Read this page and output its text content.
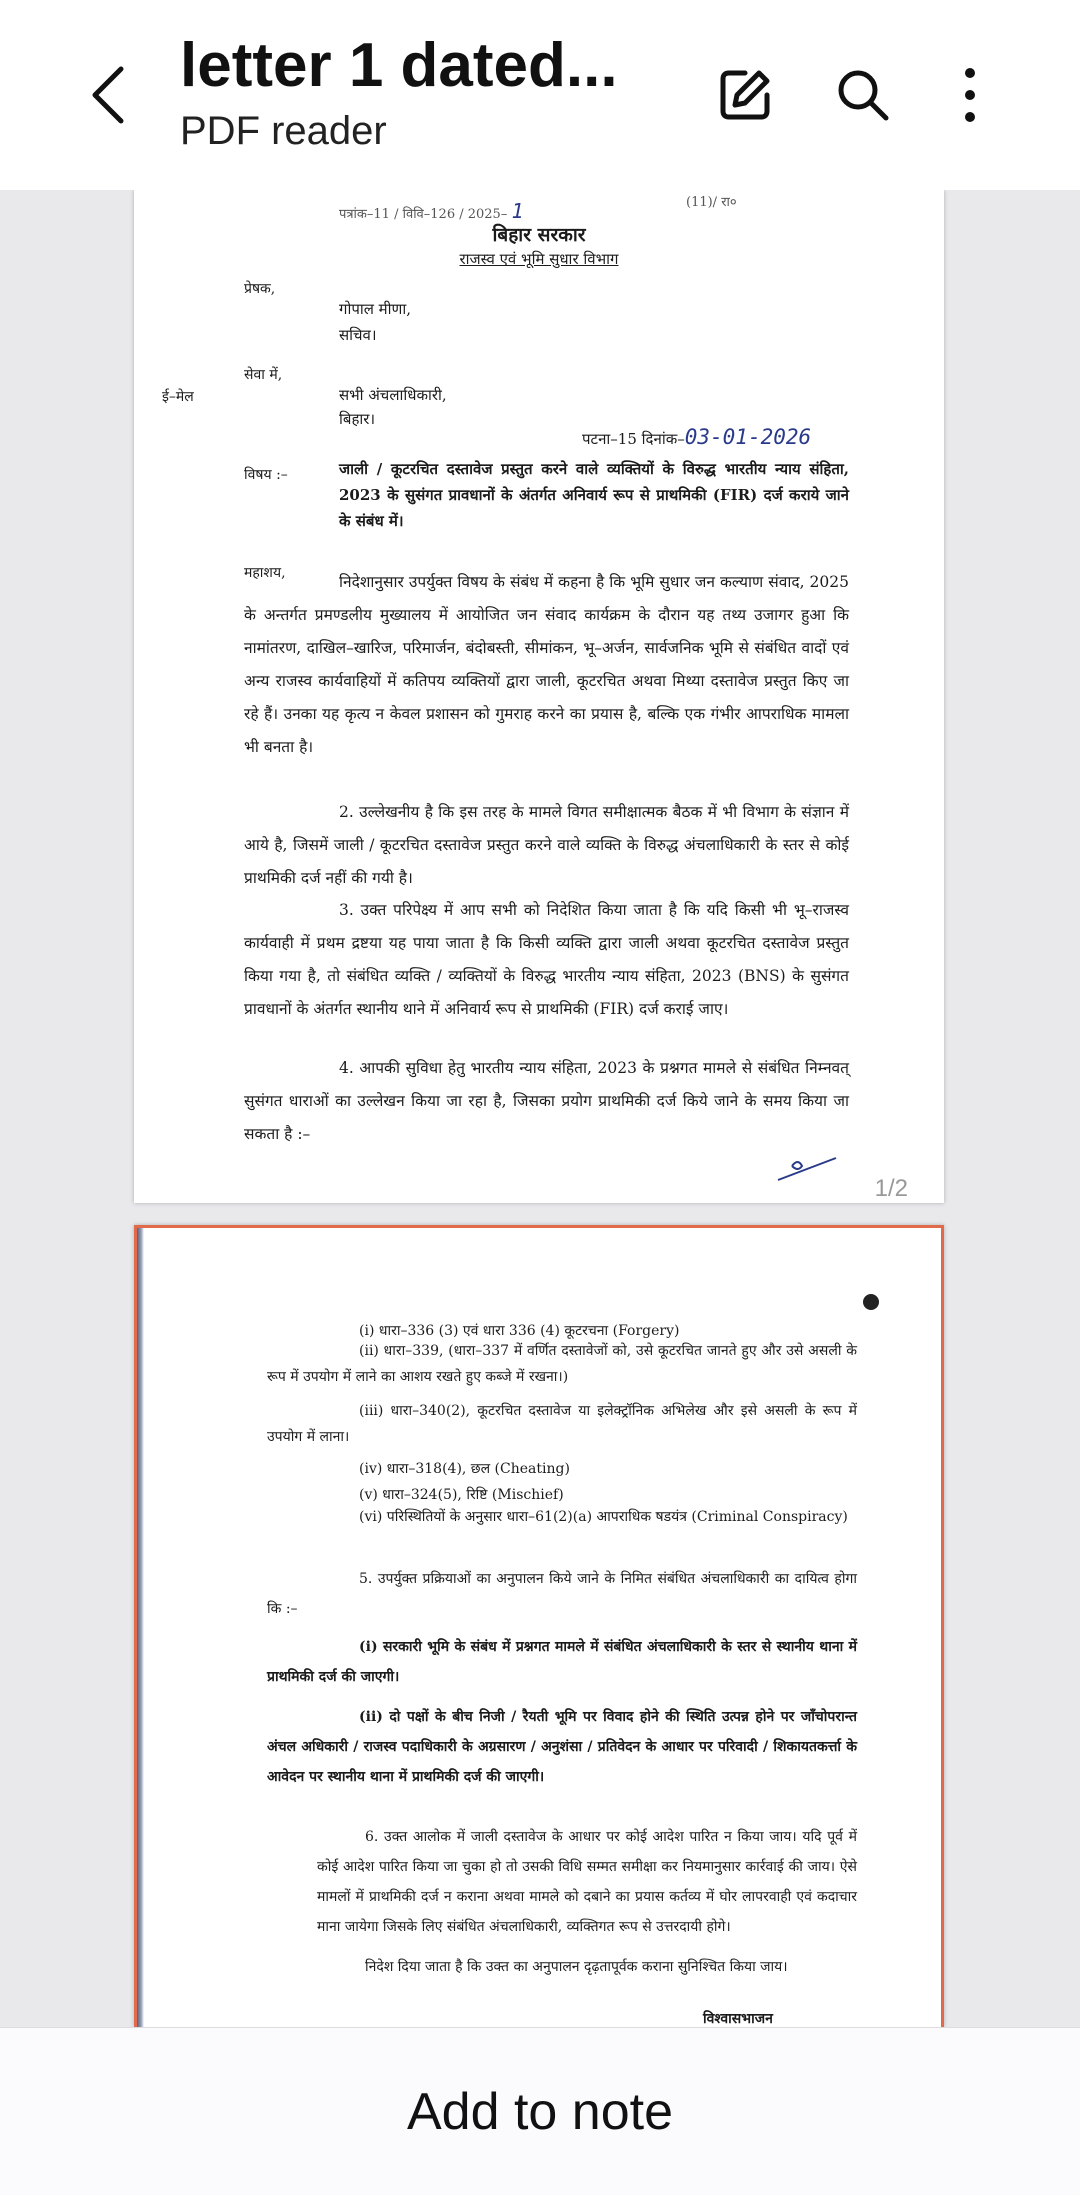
letter 1 dated...
PDF reader
पत्रांक–11 / विवि–126 / 2025– 1	(11)/ रा०
बिहार सरकार
राजस्व एवं भूमि सुधार विभाग
प्रेषक,
गोपाल मीणा,
सचिव।
सेवा में,
ई–मेल	सभी अंचलाधिकारी,
बिहार।
पटना–15 दिनांक–03-01-2026
विषय :–	जाली / कूटरचित दस्तावेज प्रस्तुत करने वाले व्यक्तियों के विरुद्ध भारतीय न्याय संहिता, 2023 के सुसंगत प्रावधानों के अंतर्गत अनिवार्य रूप से प्राथमिकी (FIR) दर्ज कराये जाने के संबंध में।
महाशय,	निदेशानुसार उपर्युक्त विषय के संबंध में कहना है कि भूमि सुधार जन कल्याण संवाद, 2025 के अन्तर्गत प्रमण्डलीय मुख्यालय में आयोजित जन संवाद कार्यक्रम के दौरान यह तथ्य उजागर हुआ कि नामांतरण, दाखिल–खारिज, परिमार्जन, बंदोबस्ती, सीमांकन, भू–अर्जन, सार्वजनिक भूमि से संबंधित वादों एवं अन्य राजस्व कार्यवाहियों में कतिपय व्यक्तियों द्वारा जाली, कूटरचित अथवा मिथ्या दस्तावेज प्रस्तुत किए जा रहे हैं। उनका यह कृत्य न केवल प्रशासन को गुमराह करने का प्रयास है, बल्कि एक गंभीर आपराधिक मामला भी बनता है।
2. उल्लेखनीय है कि इस तरह के मामले विगत समीक्षात्मक बैठक में भी विभाग के संज्ञान में आये है, जिसमें जाली / कूटरचित दस्तावेज प्रस्तुत करने वाले व्यक्ति के विरुद्ध अंचलाधिकारी के स्तर से कोई प्राथमिकी दर्ज नहीं की गयी है।
3. उक्त परिपेक्ष्य में आप सभी को निदेशित किया जाता है कि यदि किसी भी भू–राजस्व कार्यवाही में प्रथम द्रष्टया यह पाया जाता है कि किसी व्यक्ति द्वारा जाली अथवा कूटरचित दस्तावेज प्रस्तुत किया गया है, तो संबंधित व्यक्ति / व्यक्तियों के विरुद्ध भारतीय न्याय संहिता, 2023 (BNS) के सुसंगत प्रावधानों के अंतर्गत स्थानीय थाने में अनिवार्य रूप से प्राथमिकी (FIR) दर्ज कराई जाए।
4. आपकी सुविधा हेतु भारतीय न्याय संहिता, 2023 के प्रश्नगत मामले से संबंधित निम्नवत् सुसंगत धाराओं का उल्लेखन किया जा रहा है, जिसका प्रयोग प्राथमिकी दर्ज किये जाने के समय किया जा सकता है :–
1/2
(i) धारा–336 (3) एवं धारा 336 (4) कूटरचना (Forgery)
(ii) धारा–339, (धारा–337 में वर्णित दस्तावेजों को, उसे कूटरचित जानते हुए और उसे असली के रूप में उपयोग में लाने का आशय रखते हुए कब्जे में रखना।)
(iii) धारा–340(2), कूटरचित दस्तावेज या इलेक्ट्रॉनिक अभिलेख और इसे असली के रूप में उपयोग में लाना।
(iv) धारा–318(4), छल (Cheating)
(v) धारा–324(5), रिष्टि (Mischief)
(vi) परिस्थितियों के अनुसार धारा–61(2)(a) आपराधिक षडयंत्र (Criminal Conspiracy)
5. उपर्युक्त प्रक्रियाओं का अनुपालन किये जाने के निमित संबंधित अंचलाधिकारी का दायित्व होगा कि :–
(i) सरकारी भूमि के संबंध में प्रश्नगत मामले में संबंधित अंचलाधिकारी के स्तर से स्थानीय थाना में प्राथमिकी दर्ज की जाएगी।
(ii) दो पक्षों के बीच निजी / रैयती भूमि पर विवाद होने की स्थिति उत्पन्न होने पर जाँचोपरान्त अंचल अधिकारी / राजस्व पदाधिकारी के अग्रसारण / अनुशंसा / प्रतिवेदन के आधार पर परिवादी / शिकायतकर्त्ता के आवेदन पर स्थानीय थाना में प्राथमिकी दर्ज की जाएगी।
6. उक्त आलोक में जाली दस्तावेज के आधार पर कोई आदेश पारित न किया जाय। यदि पूर्व में कोई आदेश पारित किया जा चुका हो तो उसकी विधि सम्मत समीक्षा कर नियमानुसार कार्रवाई की जाय। ऐसे मामलों में प्राथमिकी दर्ज न कराना अथवा मामले को दबाने का प्रयास कर्तव्य में घोर लापरवाही एवं कदाचार माना जायेगा जिसके लिए संबंधित अंचलाधिकारी, व्यक्तिगत रूप से उत्तरदायी होगे।
निदेश दिया जाता है कि उक्त का अनुपालन दृढ़तापूर्वक कराना सुनिश्चित किया जाय।
विश्वासभाजन
Add to note
